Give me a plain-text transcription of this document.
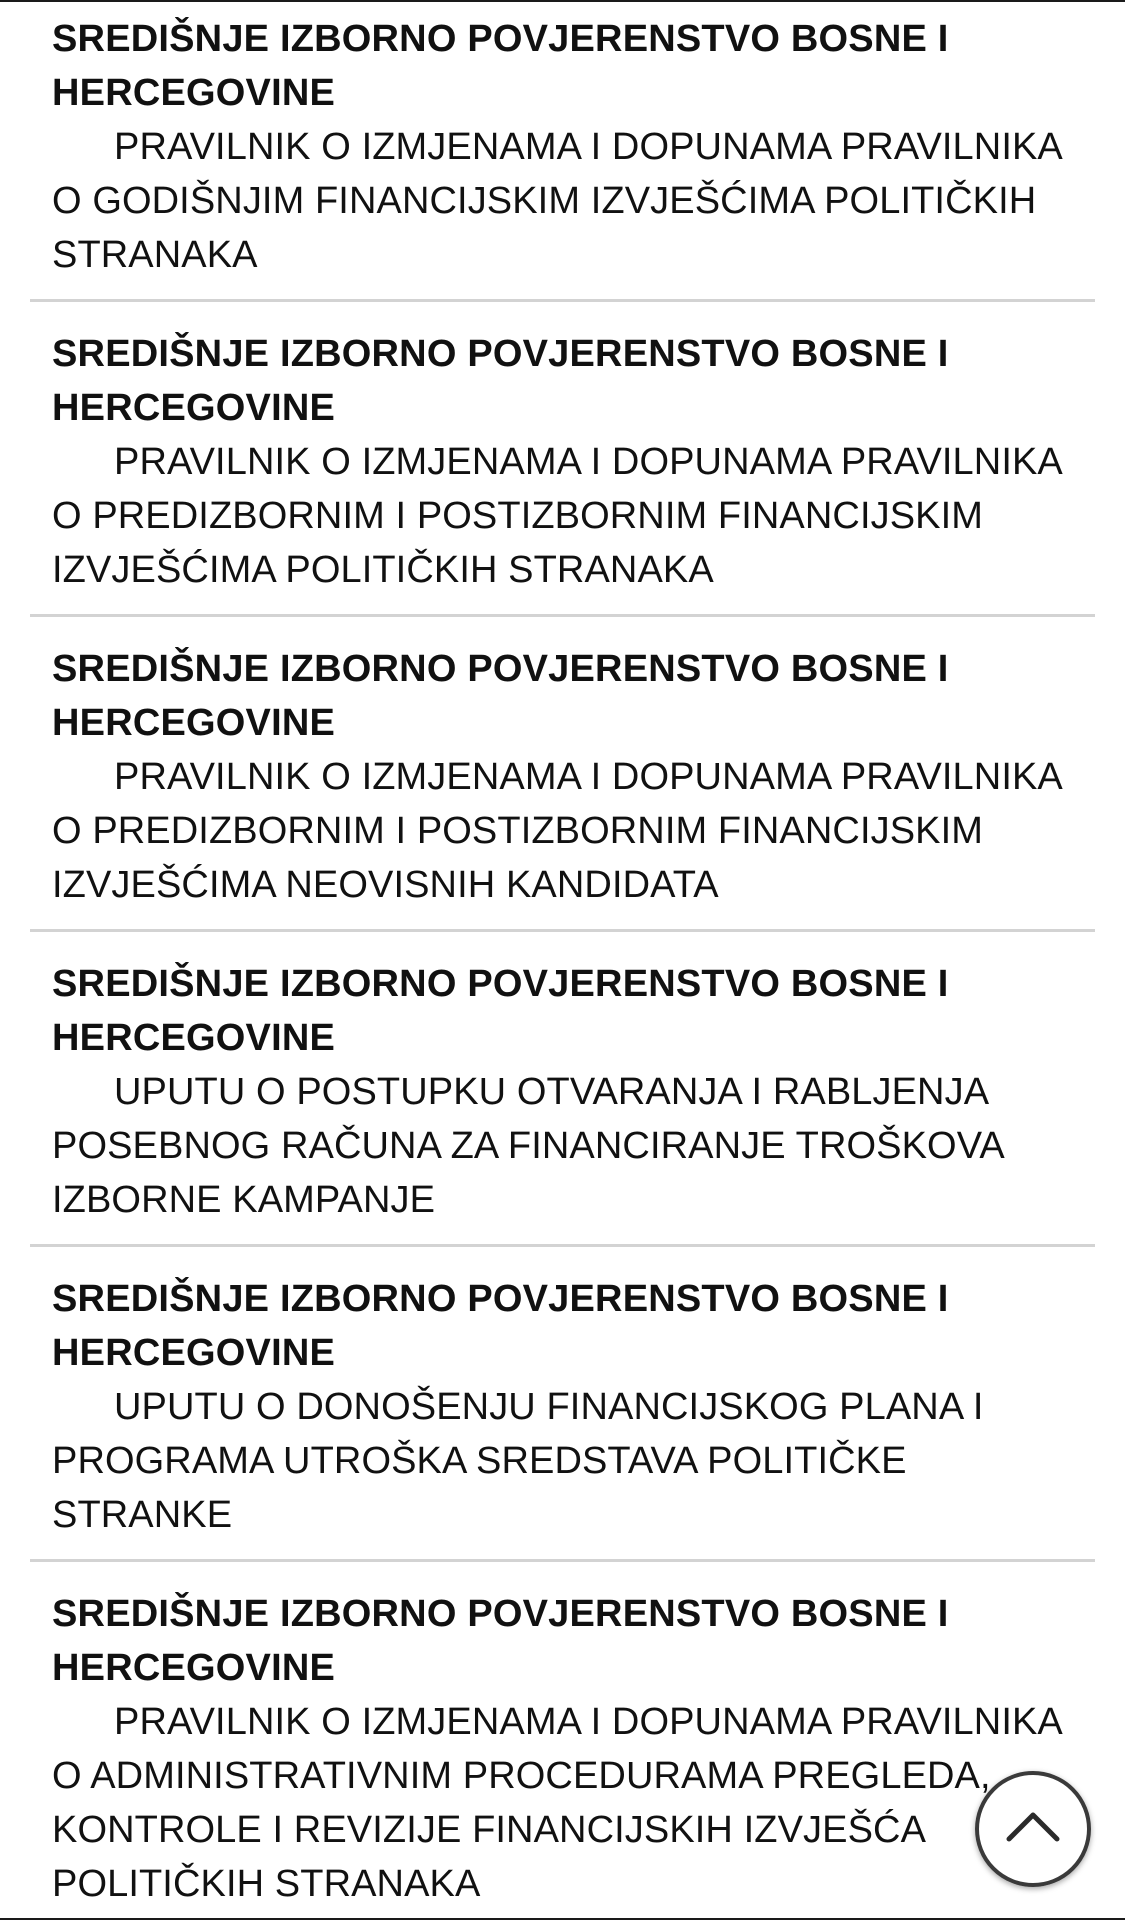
SREDIŠNJE IZBORNO POVJERENSTVO BOSNE I HERCEGOVINE
PRAVILNIK O IZMJENAMA I DOPUNAMA PRAVILNIKA O GODIŠNJIM FINANCIJSKIM IZVJEŠĆIMA POLITIČKIH STRANAKA
SREDIŠNJE IZBORNO POVJERENSTVO BOSNE I HERCEGOVINE
PRAVILNIK O IZMJENAMA I DOPUNAMA PRAVILNIKA O PREDIZBORNIM I POSTIZBORNIM FINANCIJSKIM IZVJEŠĆIMA POLITIČKIH STRANAKA
SREDIŠNJE IZBORNO POVJERENSTVO BOSNE I HERCEGOVINE
PRAVILNIK O IZMJENAMA I DOPUNAMA PRAVILNIKA O PREDIZBORNIM I POSTIZBORNIM FINANCIJSKIM IZVJEŠĆIMA NEOVISNIH KANDIDATA
SREDIŠNJE IZBORNO POVJERENSTVO BOSNE I HERCEGOVINE
UPUTU O POSTUPKU OTVARANJA I RABLJENJA POSEBNOG RAČUNA ZA FINANCIRANJE TROŠKOVA IZBORNE KAMPANJE
SREDIŠNJE IZBORNO POVJERENSTVO BOSNE I HERCEGOVINE
UPUTU O DONOŠENJU FINANCIJSKOG PLANA I PROGRAMA UTROŠKA SREDSTAVA POLITIČKE STRANKE
SREDIŠNJE IZBORNO POVJERENSTVO BOSNE I HERCEGOVINE
PRAVILNIK O IZMJENAMA I DOPUNAMA PRAVILNIKA O ADMINISTRATIVNIM PROCEDURAMA PREGLEDA, KONTROLE I REVIZIJE FINANCIJSKIH IZVJEŠĆA POLITIČKIH STRANAKA
